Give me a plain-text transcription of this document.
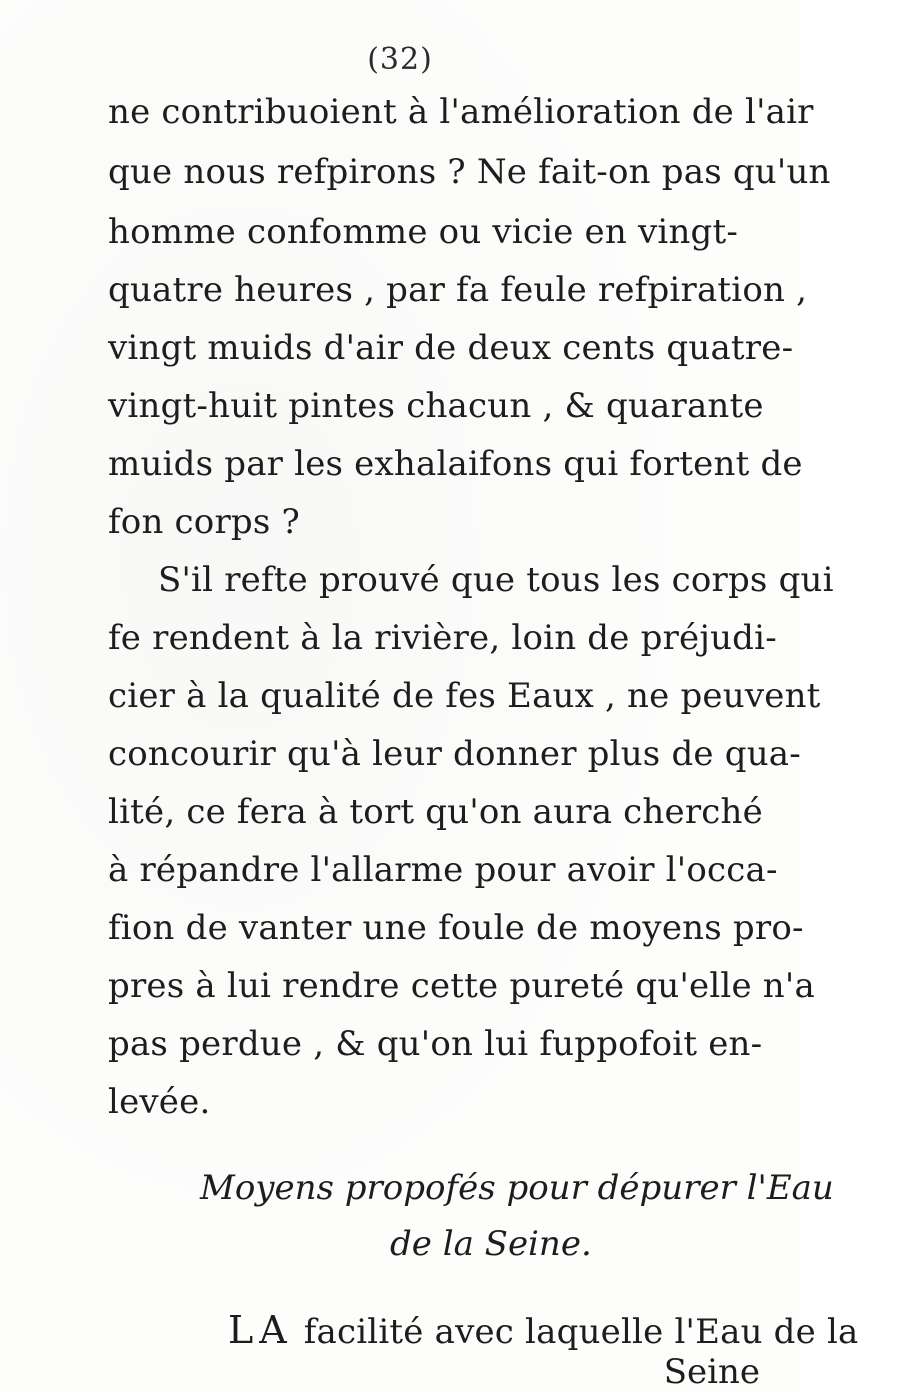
(32)
ne contribuoient à l'amélioration de l'air
que nous refpirons ? Ne fait-on pas qu'un
homme confomme ou vicie en vingt-
quatre heures , par fa feule refpiration ,
vingt muids d'air de deux cents quatre-
vingt-huit pintes chacun , & quarante
muids par les exhalaifons qui fortent de
fon corps ?
S'il refte prouvé que tous les corps qui
fe rendent à la rivière, loin de préjudi-
cier à la qualité de fes Eaux , ne peuvent
concourir qu'à leur donner plus de qua-
lité, ce fera à tort qu'on aura cherché
à répandre l'allarme pour avoir l'occa-
fion de vanter une foule de moyens pro-
pres à lui rendre cette pureté qu'elle n'a
pas perdue , & qu'on lui fuppofoit en-
levée.
Moyens propofés pour dépurer l'Eau
de la Seine.
LA facilité avec laquelle l'Eau de la
Seine
